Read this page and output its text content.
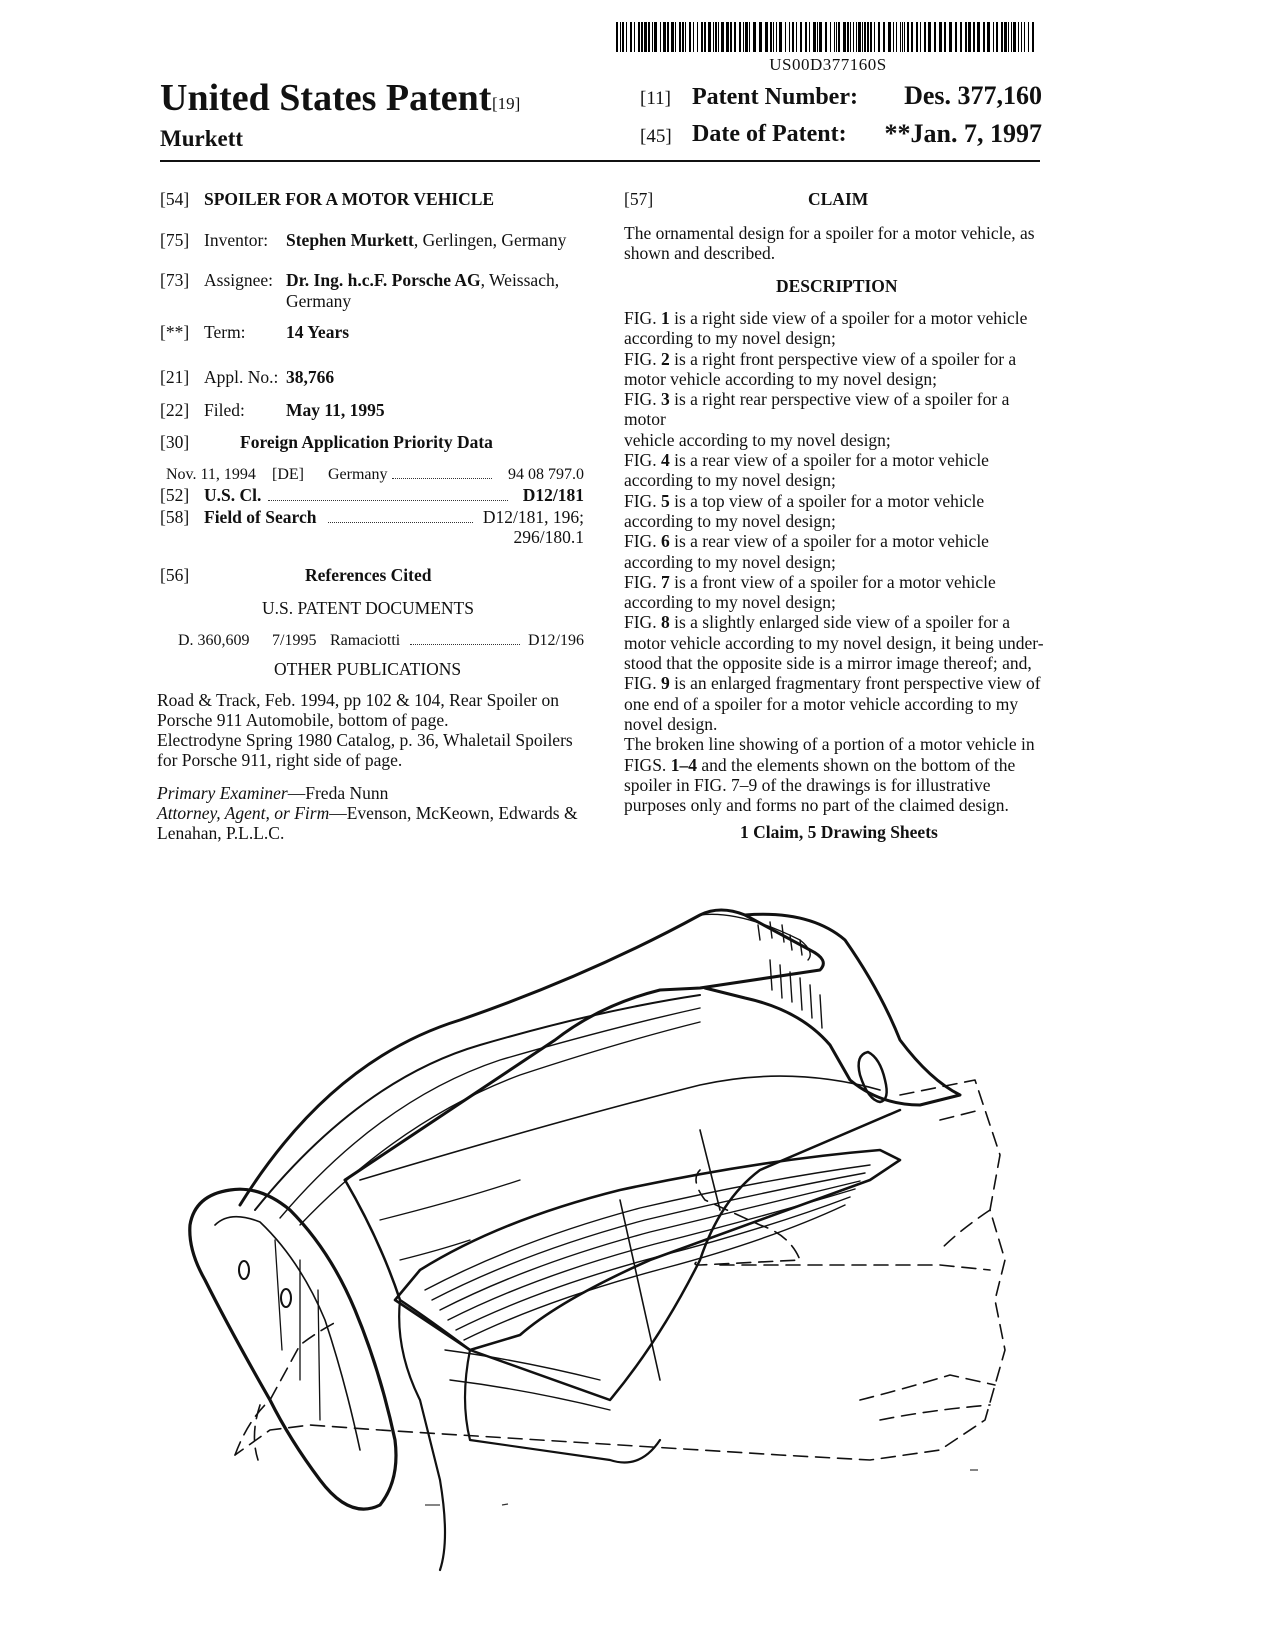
US00D377160S
United States Patent [19]
Murkett
[11] Patent Number:	Des. 377,160
[45] Date of Patent:	**Jan. 7, 1997
[54] SPOILER FOR A MOTOR VEHICLE
[75] Inventor: Stephen Murkett, Gerlingen, Germany
[73] Assignee: Dr. Ing. h.c.F. Porsche AG, Weissach,
Germany
[**] Term: 14 Years
[21] Appl. No.: 38,766
[22] Filed: May 11, 1995
[30]	Foreign Application Priority Data
Nov. 11, 1994 [DE] Germany	94 08 797.0
[52] U.S. Cl.	D12/181
[58] Field of Search	D12/181, 196;
296/180.1
[56]	References Cited
U.S. PATENT DOCUMENTS
D. 360,609 7/1995 Ramaciotti	D12/196
OTHER PUBLICATIONS
Road & Track, Feb. 1994, pp 102 & 104, Rear Spoiler on
Porsche 911 Automobile, bottom of page.
Electrodyne Spring 1980 Catalog, p. 36, Whaletail Spoilers
for Porsche 911, right side of page.
Primary Examiner—Freda Nunn
Attorney, Agent, or Firm—Evenson, McKeown, Edwards &
Lenahan, P.L.L.C.
[57]	CLAIM
The ornamental design for a spoiler for a motor vehicle, as
shown and described.
DESCRIPTION

FIG. 1 is a right side view of a spoiler for a motor vehicle

according to my novel design;

FIG. 2 is a right front perspective view of a spoiler for a

motor vehicle according to my novel design;

FIG. 3 is a right rear perspective view of a spoiler for a motor

vehicle according to my novel design;

FIG. 4 is a rear view of a spoiler for a motor vehicle

according to my novel design;

FIG. 5 is a top view of a spoiler for a motor vehicle

according to my novel design;

FIG. 6 is a rear view of a spoiler for a motor vehicle

according to my novel design;

FIG. 7 is a front view of a spoiler for a motor vehicle

according to my novel design;

FIG. 8 is a slightly enlarged side view of a spoiler for a

motor vehicle according to my novel design, it being under-

stood that the opposite side is a mirror image thereof; and,

FIG. 9 is an enlarged fragmentary front perspective view of

one end of a spoiler for a motor vehicle according to my

novel design.

The broken line showing of a portion of a motor vehicle in

FIGS. 1–4 and the elements shown on the bottom of the

spoiler in FIG. 7–9 of the drawings is for illustrative

purposes only and forms no part of the claimed design.

1 Claim, 5 Drawing Sheets
